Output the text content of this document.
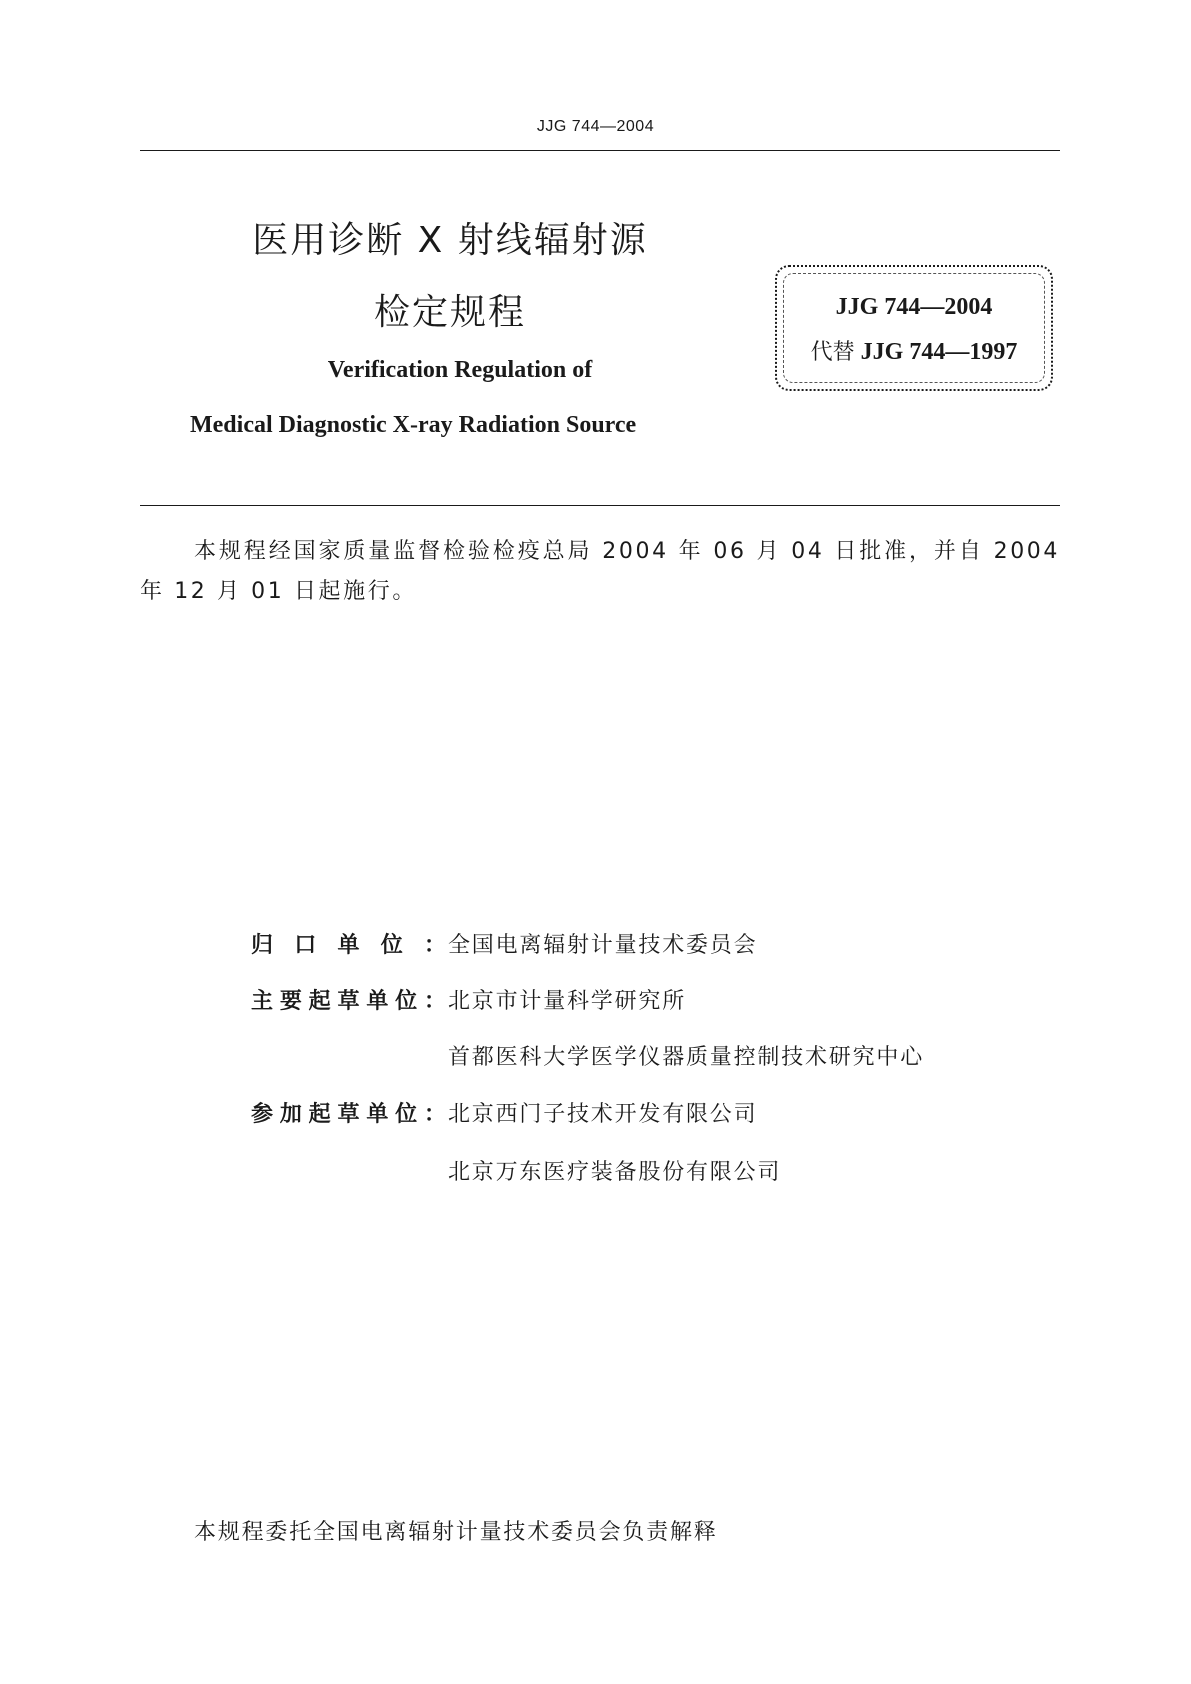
JJG 744—2004
医用诊断 X 射线辐射源
检定规程
Verification Regulation of
Medical Diagnostic X-ray Radiation Source
JJG 744—2004
代替 JJG 744—1997
本规程经国家质量监督检验检疫总局 2004 年 06 月 04 日批准，并自 2004 年 12 月 01 日起施行。
归口单位： 全国电离辐射计量技术委员会
主要起草单位： 北京市计量科学研究所
首都医科大学医学仪器质量控制技术研究中心
参加起草单位： 北京西门子技术开发有限公司
北京万东医疗装备股份有限公司
本规程委托全国电离辐射计量技术委员会负责解释
